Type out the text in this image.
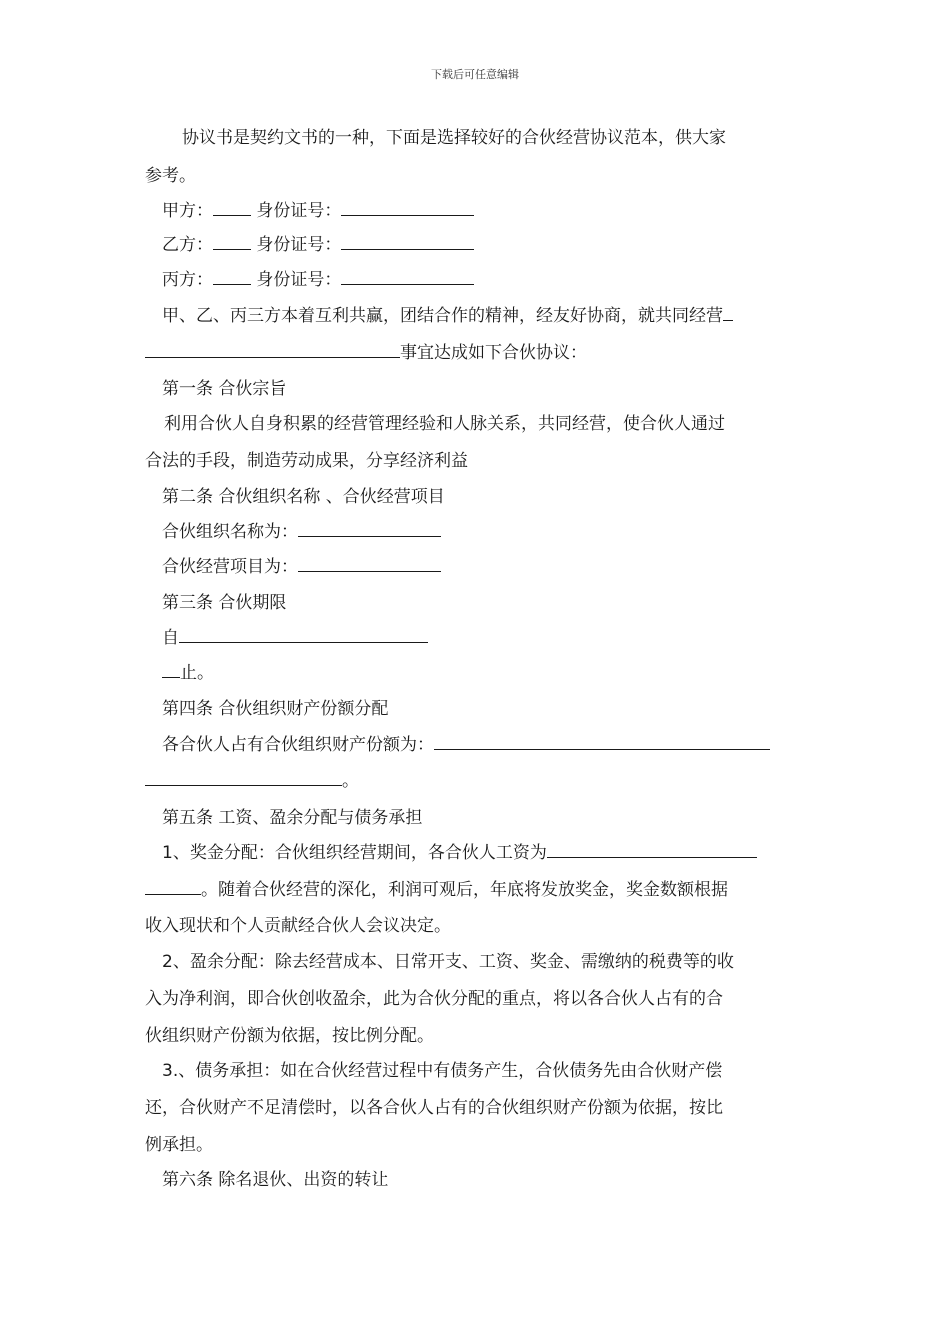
下载后可任意编辑
协议书是契约文书的一种，下面是选择较好的合伙经营协议范本，供大家
参考。
甲方：	身份证号：
乙方：	身份证号：
丙方：	身份证号：
甲、乙、丙三方本着互利共赢，团结合作的精神，经友好协商，就共同经营
事宜达成如下合伙协议：
第一条 合伙宗旨
利用合伙人自身积累的经营管理经验和人脉关系，共同经营，使合伙人通过
合法的手段，制造劳动成果，分享经济利益
第二条 合伙组织名称 、合伙经营项目
合伙组织名称为：
合伙经营项目为：
第三条 合伙期限
自
止。
第四条 合伙组织财产份额分配
各合伙人占有合伙组织财产份额为：
。
第五条 工资、盈余分配与债务承担
1、奖金分配：合伙组织经营期间，各合伙人工资为
。随着合伙经营的深化，利润可观后，年底将发放奖金，奖金数额根据
收入现状和个人贡献经合伙人会议决定。
2、盈余分配：除去经营成本、日常开支、工资、奖金、需缴纳的税费等的收
入为净利润，即合伙创收盈余，此为合伙分配的重点，将以各合伙人占有的合
伙组织财产份额为依据，按比例分配。
3.、债务承担：如在合伙经营过程中有债务产生，合伙债务先由合伙财产偿
还，合伙财产不足清偿时，以各合伙人占有的合伙组织财产份额为依据，按比
例承担。
第六条 除名退伙、出资的转让
